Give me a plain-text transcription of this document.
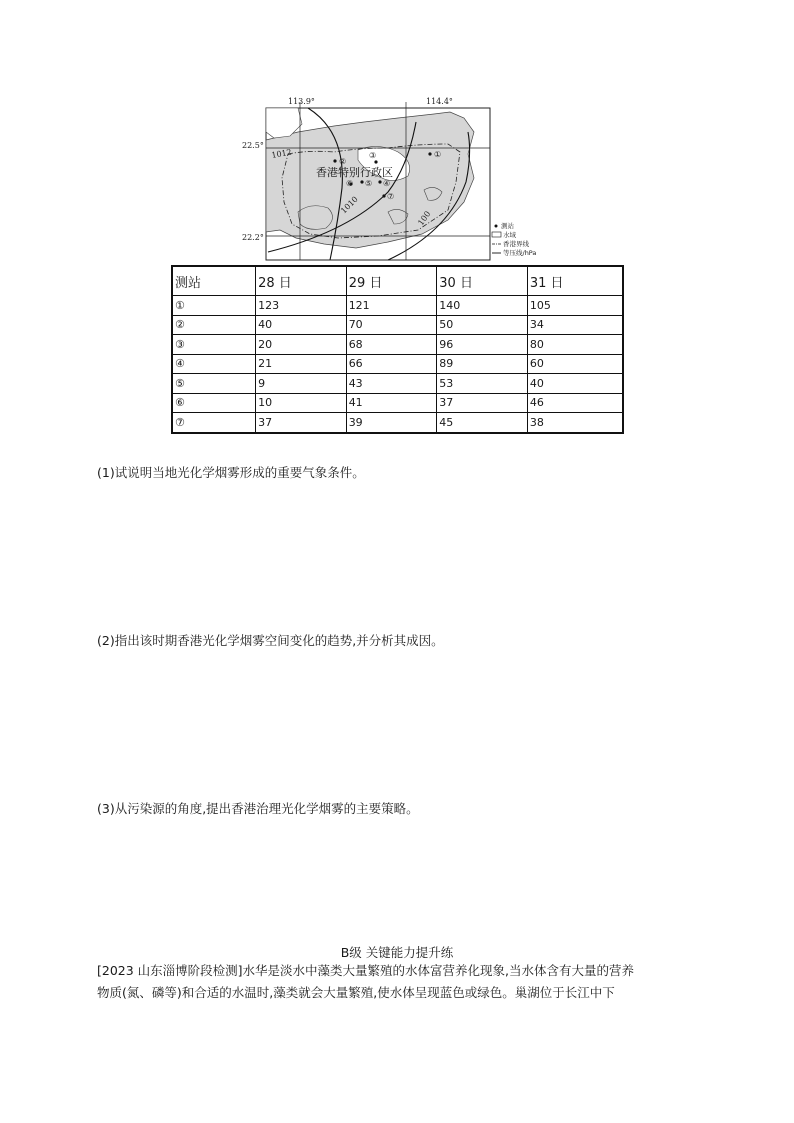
113.9°	114.4°
22.5°
22.2°
香港特别行政区
1012
1010
100
①
②
③
④
⑤
⑥
⑦
测站
水域
香港界线
等压线/hPa
测站	28 日	29 日	30 日	31 日
①	123	121	140	105
②	40	70	50	34
③	20	68	96	80
④	21	66	89	60
⑤	9	43	53	40
⑥	10	41	37	46
⑦	37	39	45	38
(1)试说明当地光化学烟雾形成的重要气象条件。
(2)指出该时期香港光化学烟雾空间变化的趋势,并分析其成因。
(3)从污染源的角度,提出香港治理光化学烟雾的主要策略。
B级 关键能力提升练
[2023 山东淄博阶段检测]水华是淡水中藻类大量繁殖的水体富营养化现象,当水体含有大量的营养
物质(氮、磷等)和合适的水温时,藻类就会大量繁殖,使水体呈现蓝色或绿色。巢湖位于长江中下
